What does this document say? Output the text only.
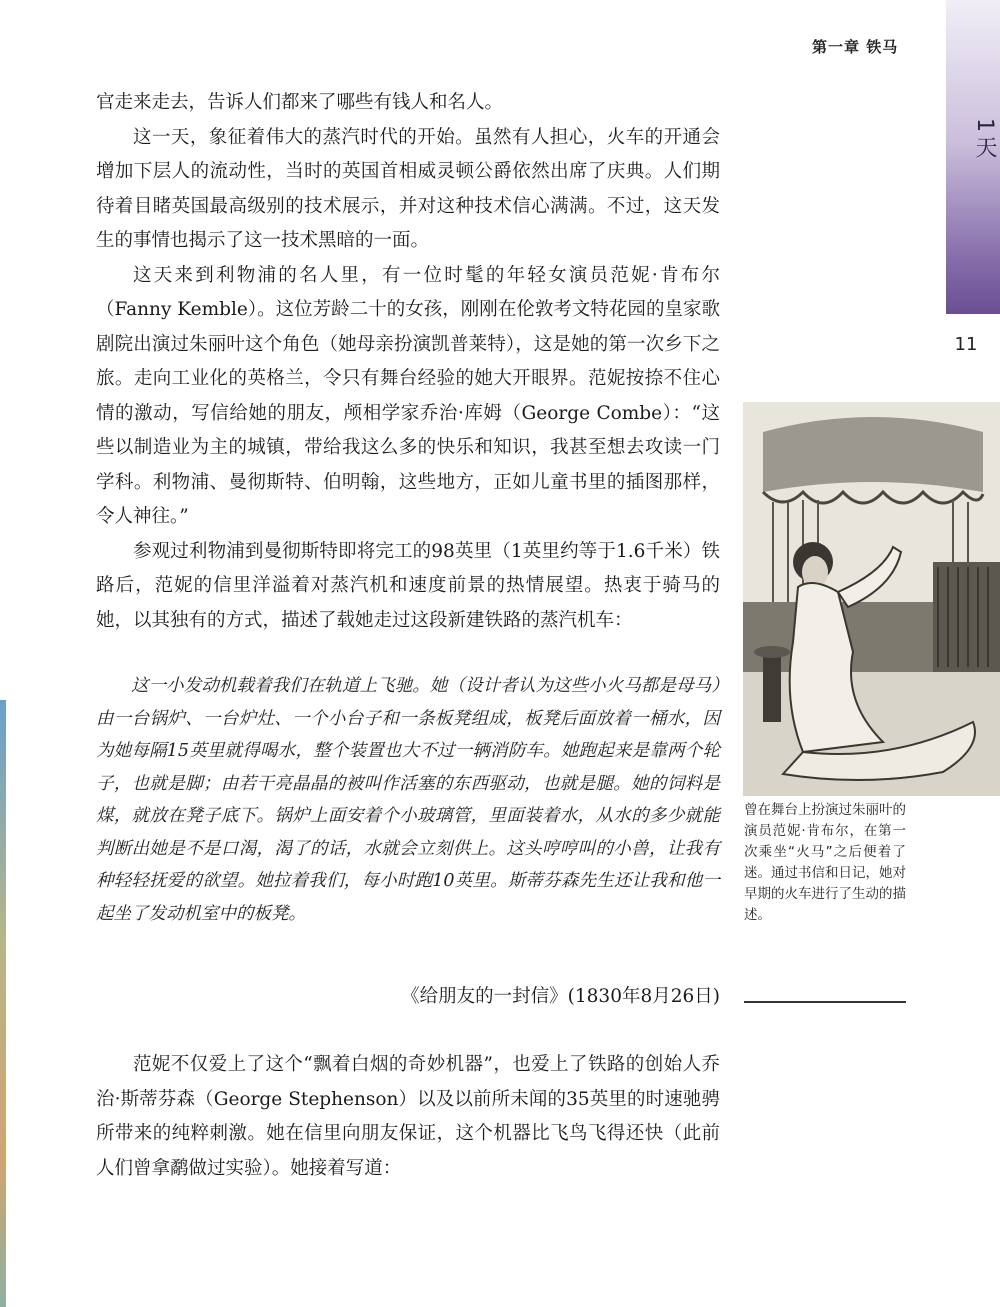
第一章 铁马
1天
11

官走来走去，告诉人们都来了哪些有钱人和名人。

这一天，象征着伟大的蒸汽时代的开始。虽然有人担心，火车的开通会增加下层人的流动性，当时的英国首相威灵顿公爵依然出席了庆典。人们期待着目睹英国最高级别的技术展示，并对这种技术信心满满。不过，这天发生的事情也揭示了这一技术黑暗的一面。

这天来到利物浦的名人里，有一位时髦的年轻女演员范妮·肯布尔（Fanny Kemble）。这位芳龄二十的女孩，刚刚在伦敦考文特花园的皇家歌剧院出演过朱丽叶这个角色（她母亲扮演凯普莱特），这是她的第一次乡下之旅。走向工业化的英格兰，令只有舞台经验的她大开眼界。范妮按捺不住心情的激动，写信给她的朋友，颅相学家乔治·库姆（George Combe）：“这些以制造业为主的城镇，带给我这么多的快乐和知识，我甚至想去攻读一门学科。利物浦、曼彻斯特、伯明翰，这些地方，正如儿童书里的插图那样，令人神往。”

参观过利物浦到曼彻斯特即将完工的98英里（1英里约等于1.6千米）铁路后，范妮的信里洋溢着对蒸汽机和速度前景的热情展望。热衷于骑马的她，以其独有的方式，描述了载她走过这段新建铁路的蒸汽机车：

这一小发动机载着我们在轨道上飞驰。她（设计者认为这些小火马都是母马）由一台锅炉、一台炉灶、一个小台子和一条板凳组成，板凳后面放着一桶水，因为她每隔15英里就得喝水，整个装置也大不过一辆消防车。她跑起来是靠两个轮子，也就是脚；由若干亮晶晶的被叫作活塞的东西驱动，也就是腿。她的饲料是煤，就放在凳子底下。锅炉上面安着个小玻璃管，里面装着水，从水的多少就能判断出她是不是口渴，渴了的话，水就会立刻供上。这头哼哼叫的小兽，让我有种轻轻抚爱的欲望。她拉着我们，每小时跑10英里。斯蒂芬森先生还让我和他一起坐了发动机室中的板凳。

《给朋友的一封信》(1830年8月26日)

范妮不仅爱上了这个“飘着白烟的奇妙机器”，也爱上了铁路的创始人乔治·斯蒂芬森（George Stephenson）以及以前所未闻的35英里的时速驰骋所带来的纯粹刺激。她在信里向朋友保证，这个机器比飞鸟飞得还快（此前人们曾拿鹬做过实验）。她接着写道：

曾在舞台上扮演过朱丽叶的演员范妮·肯布尔，在第一次乘坐“火马”之后便着了迷。通过书信和日记，她对早期的火车进行了生动的描述。
